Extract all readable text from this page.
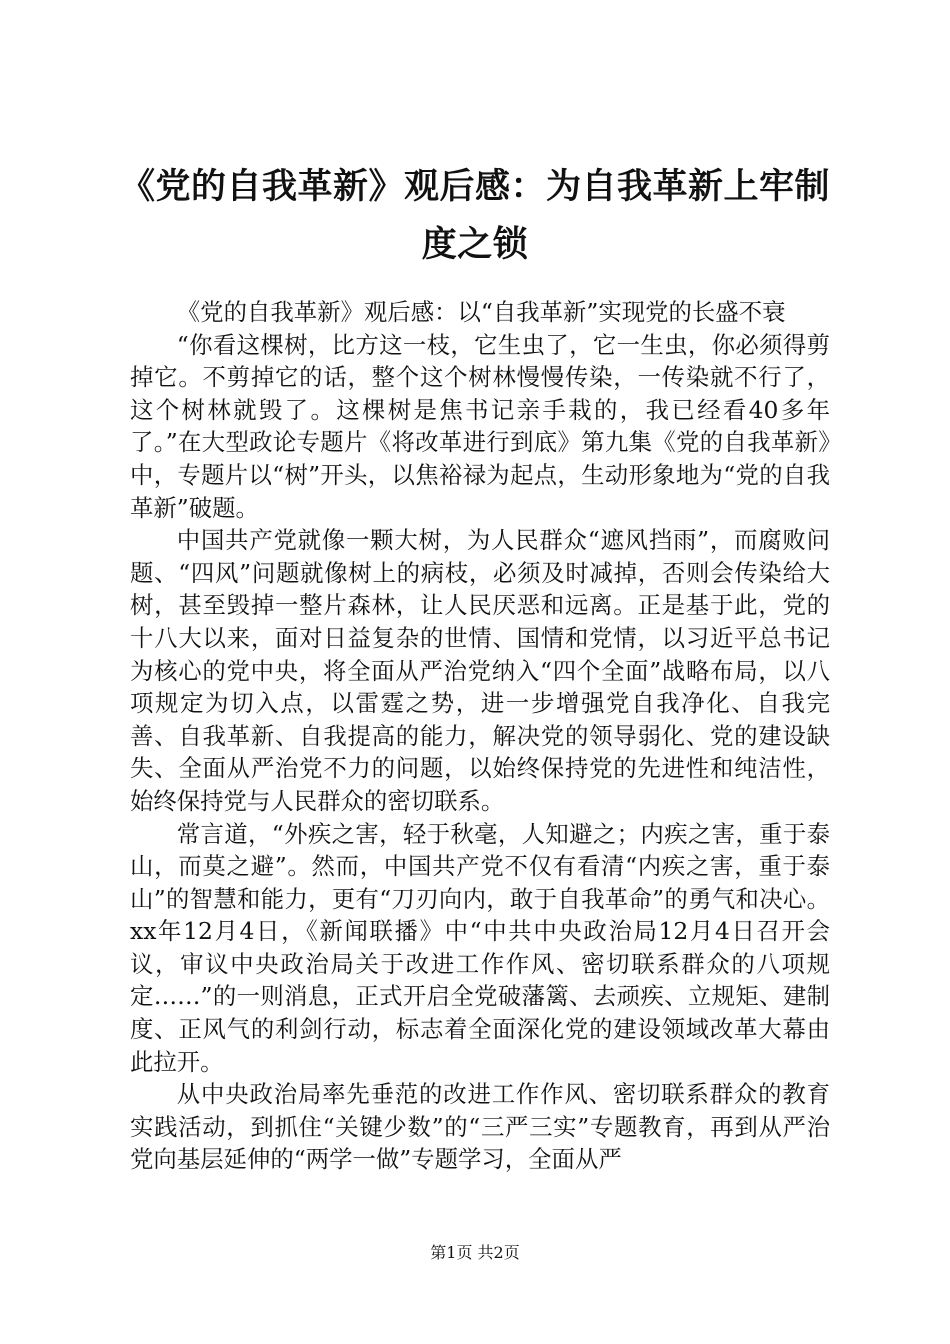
《党的自我革新》观后感：为自我革新上牢制度之锁

《党的自我革新》观后感：以“自我革新”实现党的长盛不衰

“你看这棵树，比方这一枝，它生虫了，它一生虫，你必须得剪掉它。不剪掉它的话，整个这个树林慢慢传染，一传染就不行了，这个树林就毁了。这棵树是焦书记亲手栽的，我已经看40多年了。”在大型政论专题片《将改革进行到底》第九集《党的自我革新》中，专题片以“树”开头，以焦裕禄为起点，生动形象地为“党的自我革新”破题。

中国共产党就像一颗大树，为人民群众“遮风挡雨”，而腐败问题、“四风”问题就像树上的病枝，必须及时减掉，否则会传染给大树，甚至毁掉一整片森林，让人民厌恶和远离。正是基于此，党的十八大以来，面对日益复杂的世情、国情和党情，以习近平总书记为核心的党中央，将全面从严治党纳入“四个全面”战略布局，以八项规定为切入点，以雷霆之势，进一步增强党自我净化、自我完善、自我革新、自我提高的能力，解决党的领导弱化、党的建设缺失、全面从严治党不力的问题，以始终保持党的先进性和纯洁性，始终保持党与人民群众的密切联系。

常言道，“外疾之害，轻于秋毫，人知避之；内疾之害，重于泰山，而莫之避”。然而，中国共产党不仅有看清“内疾之害，重于泰山”的智慧和能力，更有“刀刃向内，敢于自我革命”的勇气和决心。xx年12月4日，《新闻联播》中“中共中央政治局12月4日召开会议，审议中央政治局关于改进工作作风、密切联系群众的八项规定……”的一则消息，正式开启全党破藩篱、去顽疾、立规矩、建制度、正风气的利剑行动，标志着全面深化党的建设领域改革大幕由此拉开。

从中央政治局率先垂范的改进工作作风、密切联系群众的教育实践活动，到抓住“关键少数”的“三严三实”专题教育，再到从严治党向基层延伸的“两学一做”专题学习，全面从严

第1页 共2页
